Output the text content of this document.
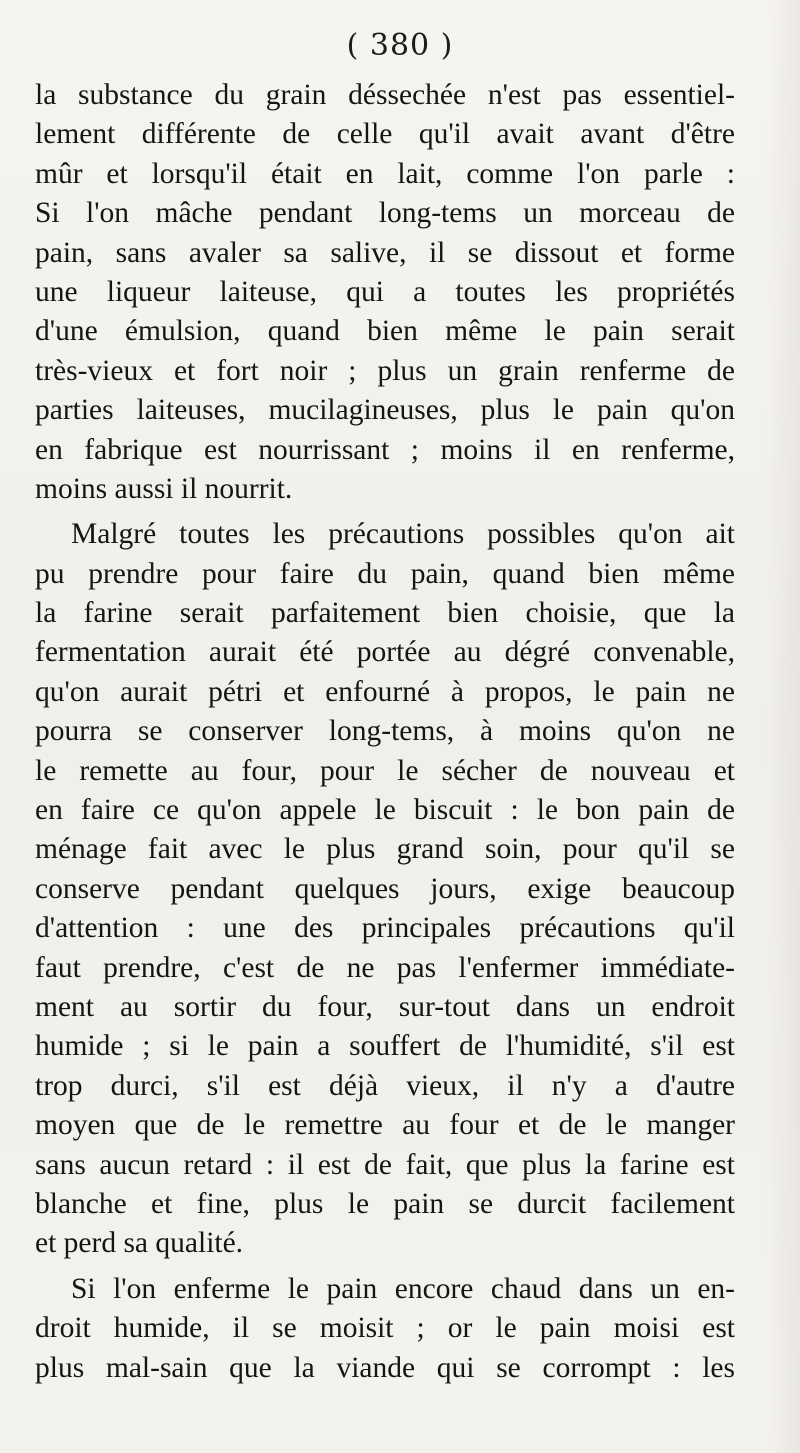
( 380 )

la substance du grain déssechée n'est pas essentiel-
lement différente de celle qu'il avait avant d'être
mûr et lorsqu'il était en lait, comme l'on parle :
Si l'on mâche pendant long-tems un morceau de
pain, sans avaler sa salive, il se dissout et forme
une liqueur laiteuse, qui a toutes les propriétés
d'une émulsion, quand bien même le pain serait
très-vieux et fort noir ; plus un grain renferme de
parties laiteuses, mucilagineuses, plus le pain qu'on
en fabrique est nourrissant ; moins il en renferme,
moins aussi il nourrit.

Malgré toutes les précautions possibles qu'on ait
pu prendre pour faire du pain, quand bien même
la farine serait parfaitement bien choisie, que la
fermentation aurait été portée au dégré convenable,
qu'on aurait pétri et enfourné à propos, le pain ne
pourra se conserver long-tems, à moins qu'on ne
le remette au four, pour le sécher de nouveau et
en faire ce qu'on appele le biscuit : le bon pain de
ménage fait avec le plus grand soin, pour qu'il se
conserve pendant quelques jours, exige beaucoup
d'attention : une des principales précautions qu'il
faut prendre, c'est de ne pas l'enfermer immédiate-
ment au sortir du four, sur-tout dans un endroit
humide ; si le pain a souffert de l'humidité, s'il est
trop durci, s'il est déjà vieux, il n'y a d'autre
moyen que de le remettre au four et de le manger
sans aucun retard : il est de fait, que plus la farine est
blanche et fine, plus le pain se durcit facilement
et perd sa qualité.

Si l'on enferme le pain encore chaud dans un en-
droit humide, il se moisit ; or le pain moisi est
plus mal-sain que la viande qui se corrompt : les
